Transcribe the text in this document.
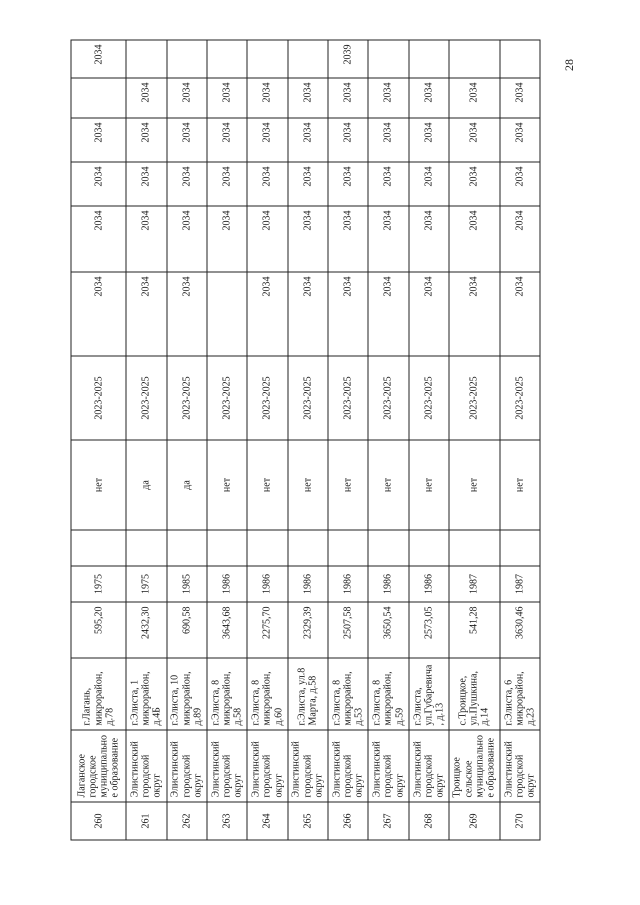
28
260	Лаганское городское муниципальное образование	г.Лагань, микрорайон, д.78	595,20	1975		нет	2023-2025	2034	2034	2034	2034		2034
261	Элистинский городской округ	г.Элиста, 1 микрорайон, д.4Б	2432,30	1975		да	2023-2025	2034	2034	2034	2034	2034	
262	Элистинский городской округ	г.Элиста, 10 микрорайон, д.89	690,58	1985		да	2023-2025	2034	2034	2034	2034	2034	
263	Элистинский городской округ	г.Элиста, 8 микрорайон, д.58	3643,68	1986		нет	2023-2025		2034	2034	2034	2034	
264	Элистинский городской округ	г.Элиста, 8 микрорайон, д.60	2275,70	1986		нет	2023-2025	2034	2034	2034	2034	2034	
265	Элистинский городской округ	г.Элиста, ул.8 Марта, д.58	2329,39	1986		нет	2023-2025	2034	2034	2034	2034	2034	
266	Элистинский городской округ	г.Элиста, 8 микрорайон, д.53	2507,58	1986		нет	2023-2025	2034	2034	2034	2034	2034	2039
267	Элистинский городской округ	г.Элиста, 8 микрорайон, д.59	3650,54	1986		нет	2023-2025	2034	2034	2034	2034	2034	
268	Элистинский городской округ	г.Элиста, ул.Губаревича, д.13	2573,05	1986		нет	2023-2025	2034	2034	2034	2034	2034	
269	Троицкое сельское муниципальное образование	с.Троицкое, ул.Пушкина, д.14	541,28	1987		нет	2023-2025	2034	2034	2034	2034	2034	
270	Элистинский городской округ	г.Элиста, 6 микрорайон, д.23	3630,46	1987		нет	2023-2025	2034	2034	2034	2034	2034	
